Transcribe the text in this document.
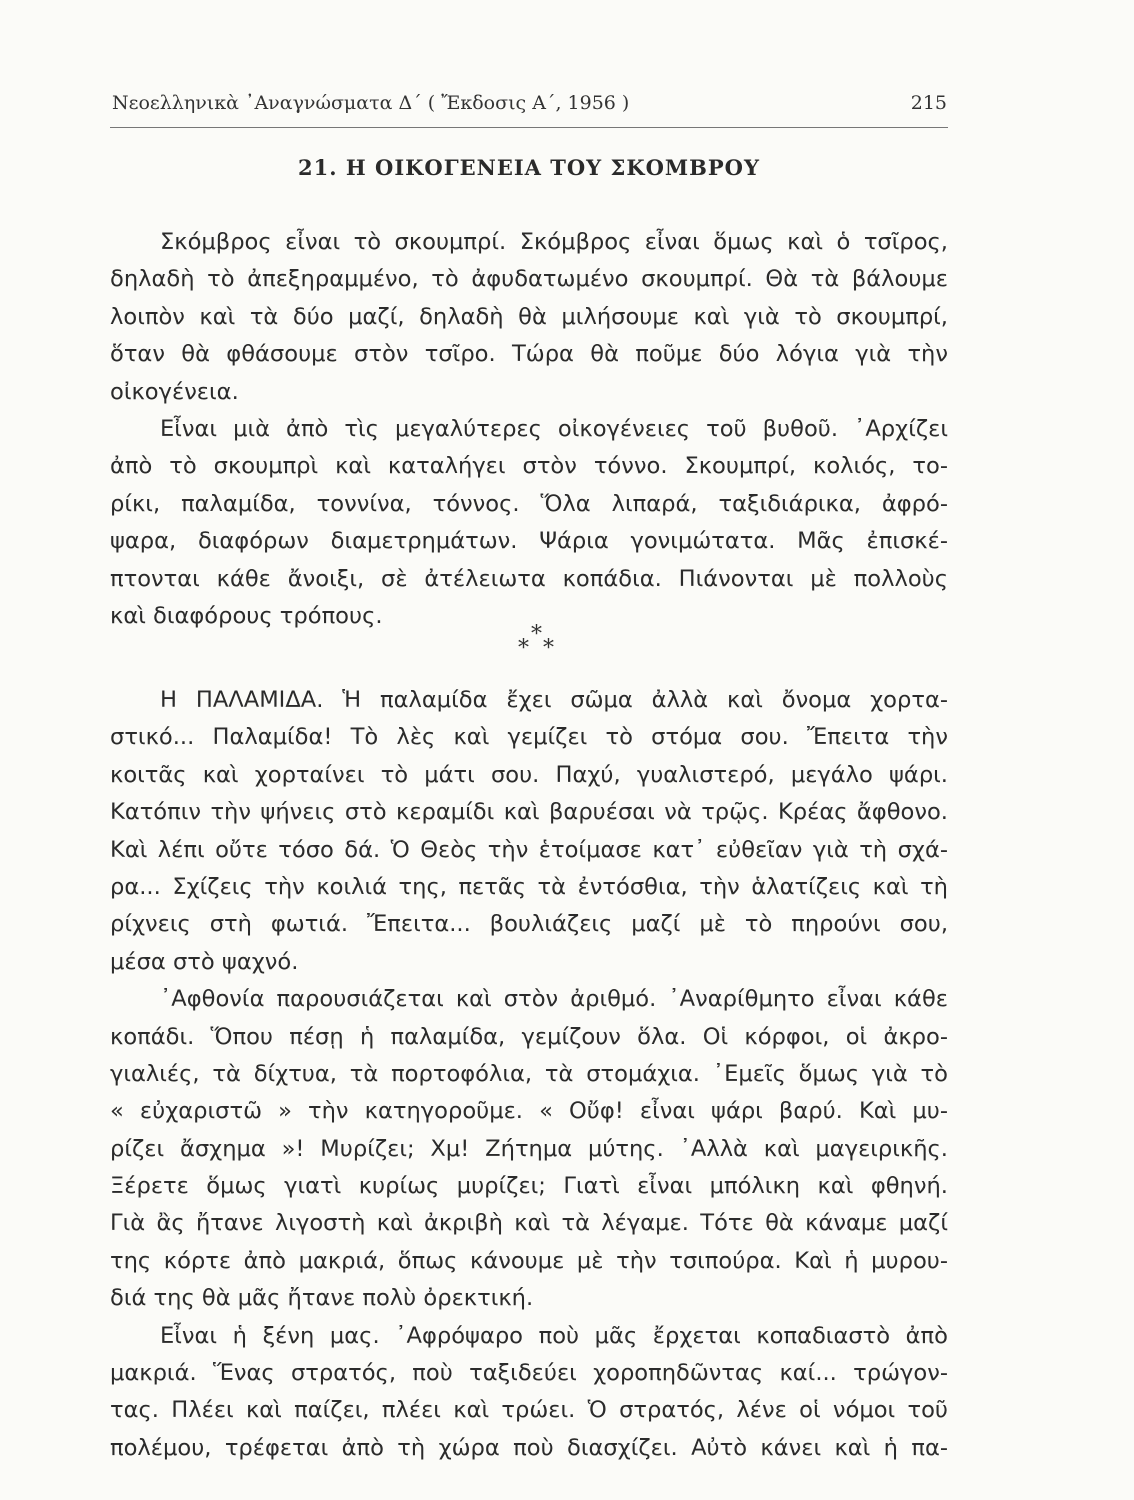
Νεοελληνικὰ ᾿Αναγνώσματα Δ΄ ( Ἔκδοσις Α΄, 1956 )	215
21. Η ΟΙΚΟΓΕΝΕΙΑ ΤΟΥ ΣΚΟΜΒΡΟΥ
Σκόμβρος εἶναι τὸ σκουμπρί. Σκόμβρος εἶναι ὅμως καὶ ὁ τσῖρος,
δηλαδὴ τὸ ἀπεξηραμμένο, τὸ ἀφυδατωμένο σκουμπρί. Θὰ τὰ βάλουμε
λοιπὸν καὶ τὰ δύο μαζί, δηλαδὴ θὰ μιλήσουμε καὶ γιὰ τὸ σκουμπρί,
ὅταν θὰ φθάσουμε στὸν τσῖρο. Τώρα θὰ ποῦμε δύο λόγια γιὰ τὴν
οἰκογένεια.
Εἶναι μιὰ ἀπὸ τὶς μεγαλύτερες οἰκογένειες τοῦ βυθοῦ. ᾿Αρχίζει
ἀπὸ τὸ σκουμπρὶ καὶ καταλήγει στὸν τόννο. Σκουμπρί, κολιός, το-
ρίκι, παλαμίδα, τοννίνα, τόννος. Ὅλα λιπαρά, ταξιδιάρικα, ἀφρό-
ψαρα, διαφόρων διαμετρημάτων. Ψάρια γονιμώτατα. Μᾶς ἐπισκέ-
πτονται κάθε ἄνοιξι, σὲ ἀτέλειωτα κοπάδια. Πιάνονται μὲ πολλοὺς
καὶ διαφόρους τρόπους.
*
* *
Η ΠΑΛΑΜΙΔΑ. Ἡ παλαμίδα ἔχει σῶμα ἀλλὰ καὶ ὄνομα χορτα-
στικό... Παλαμίδα! Τὸ λὲς καὶ γεμίζει τὸ στόμα σου. Ἔπειτα τὴν
κοιτᾶς καὶ χορταίνει τὸ μάτι σου. Παχύ, γυαλιστερό, μεγάλο ψάρι.
Κατόπιν τὴν ψήνεις στὸ κεραμίδι καὶ βαρυέσαι νὰ τρῷς. Κρέας ἄφθονο.
Καὶ λέπι οὔτε τόσο δά. Ὁ Θεὸς τὴν ἑτοίμασε κατ᾿ εὐθεῖαν γιὰ τὴ σχά-
ρα... Σχίζεις τὴν κοιλιά της, πετᾶς τὰ ἐντόσθια, τὴν ἁλατίζεις καὶ τὴ
ρίχνεις στὴ φωτιά. Ἔπειτα... βουλιάζεις μαζί μὲ τὸ πηρούνι σου,
μέσα στὸ ψαχνό.
᾿Αφθονία παρουσιάζεται καὶ στὸν ἀριθμό. ᾿Αναρίθμητο εἶναι κάθε
κοπάδι. Ὅπου πέσῃ ἡ παλαμίδα, γεμίζουν ὅλα. Οἱ κόρφοι, οἱ ἀκρο-
γιαλιές, τὰ δίχτυα, τὰ πορτοφόλια, τὰ στομάχια. ᾿Εμεῖς ὅμως γιὰ τὸ
« εὐχαριστῶ » τὴν κατηγοροῦμε. « Οὔφ! εἶναι ψάρι βαρύ. Καὶ μυ-
ρίζει ἄσχημα »! Μυρίζει; Χμ! Ζήτημα μύτης. ᾿Αλλὰ καὶ μαγειρικῆς.
Ξέρετε ὅμως γιατὶ κυρίως μυρίζει; Γιατὶ εἶναι μπόλικη καὶ φθηνή.
Γιὰ ἂς ἤτανε λιγοστὴ καὶ ἀκριβὴ καὶ τὰ λέγαμε. Τότε θὰ κάναμε μαζί
της κόρτε ἀπὸ μακριά, ὅπως κάνουμε μὲ τὴν τσιπούρα. Καὶ ἡ μυρου-
διά της θὰ μᾶς ἤτανε πολὺ ὀρεκτική.
Εἶναι ἡ ξένη μας. ᾿Αφρόψαρο ποὺ μᾶς ἔρχεται κοπαδιαστὸ ἀπὸ
μακριά. Ἕνας στρατός, ποὺ ταξιδεύει χοροπηδῶντας καί... τρώγον-
τας. Πλέει καὶ παίζει, πλέει καὶ τρώει. Ὁ στρατός, λένε οἱ νόμοι τοῦ
πολέμου, τρέφεται ἀπὸ τὴ χώρα ποὺ διασχίζει. Αὐτὸ κάνει καὶ ἡ πα-
